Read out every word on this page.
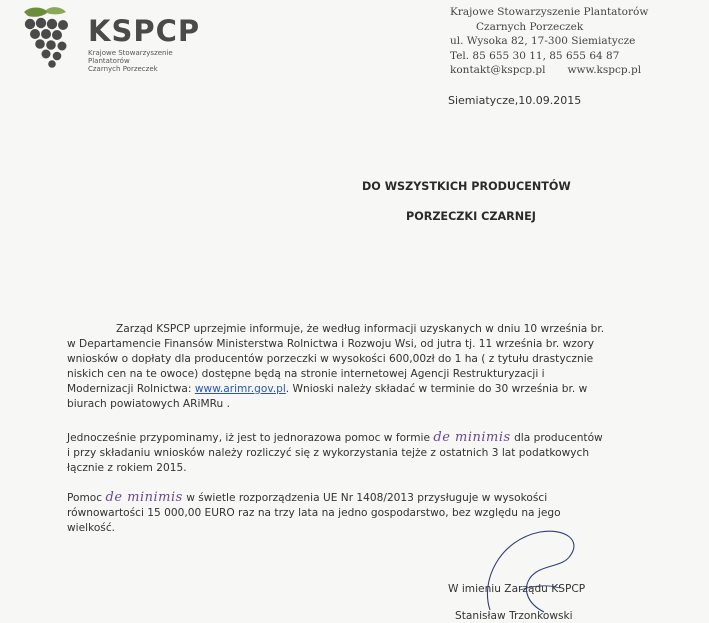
KSPCP
Krajowe Stowarzyszenie Plantatorów
Czarnych Porzeczek
Krajowe Stowarzyszenie Plantatorów
Czarnych Porzeczek
ul. Wysoka 82, 17-300 Siemiatycze
Tel. 85 655 30 11, 85 655 64 87
kontakt@kspcp.pl www.kspcp.pl
Siemiatycze,10.09.2015
DO WSZYSTKICH PRODUCENTÓW
PORZECZKI CZARNEJ
Zarząd KSPCP uprzejmie informuje, że według informacji uzyskanych w dniu 10 września br.
w Departamencie Finansów Ministerstwa Rolnictwa i Rozwoju Wsi, od jutra tj. 11 września br. wzory
wniosków o dopłaty dla producentów porzeczki w wysokości 600,00zł do 1 ha ( z tytułu drastycznie
niskich cen na te owoce) dostępne będą na stronie internetowej Agencji Restrukturyzacji i
Modernizacji Rolnictwa: www.arimr.gov.pl. Wnioski należy składać w terminie do 30 września br. w
biurach powiatowych ARiMRu .
Jednocześnie przypominamy, iż jest to jednorazowa pomoc w formie de minimis dla producentów
i przy składaniu wniosków należy rozliczyć się z wykorzystania tejże z ostatnich 3 lat podatkowych
łącznie z rokiem 2015.
Pomoc de minimis w świetle rozporządzenia UE Nr 1408/2013 przysługuje w wysokości
równowartości 15 000,00 EURO raz na trzy lata na jedno gospodarstwo, bez względu na jego
wielkość.
W imieniu Zarządu KSPCP
Stanisław Trzonkowski
